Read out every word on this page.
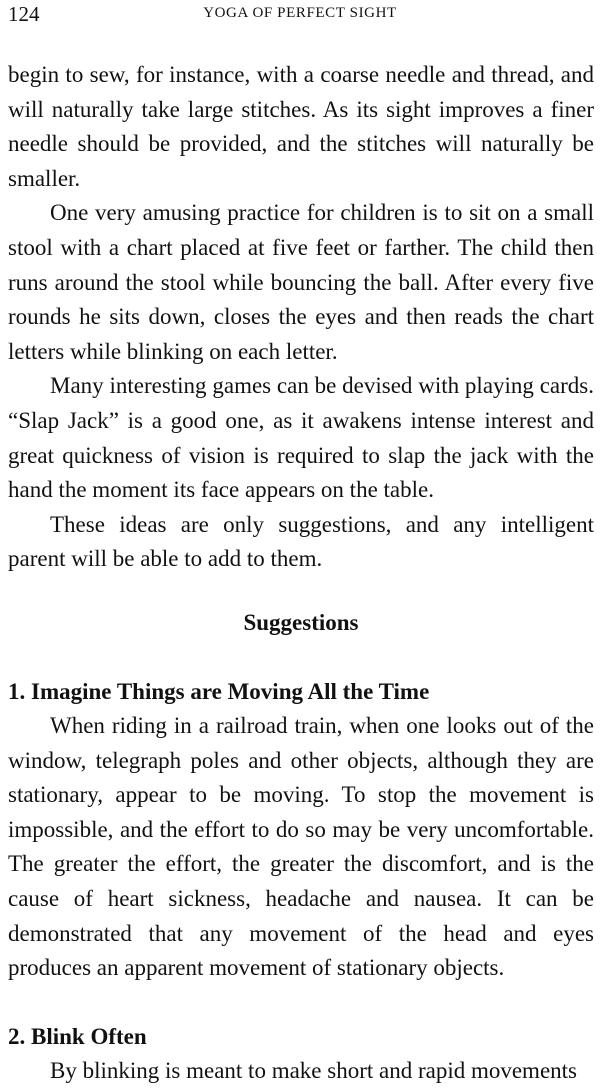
124	YOGA OF PERFECT SIGHT

begin to sew, for instance, with a coarse needle and thread, and will naturally take large stitches. As its sight improves a finer needle should be provided, and the stitches will naturally be smaller.

One very amusing practice for children is to sit on a small stool with a chart placed at five feet or farther. The child then runs around the stool while bouncing the ball. After every five rounds he sits down, closes the eyes and then reads the chart letters while blinking on each letter.

Many interesting games can be devised with playing cards. “Slap Jack” is a good one, as it awakens intense interest and great quickness of vision is required to slap the jack with the hand the moment its face appears on the table.

These ideas are only suggestions, and any intelligent parent will be able to add to them.

Suggestions

1. Imagine Things are Moving All the Time

When riding in a railroad train, when one looks out of the window, telegraph poles and other objects, although they are stationary, appear to be moving. To stop the movement is impossible, and the effort to do so may be very uncomfortable. The greater the effort, the greater the discomfort, and is the cause of heart sickness, headache and nausea. It can be demonstrated that any movement of the head and eyes produces an apparent movement of stationary objects.

2. Blink Often

By blinking is meant to make short and rapid movements
